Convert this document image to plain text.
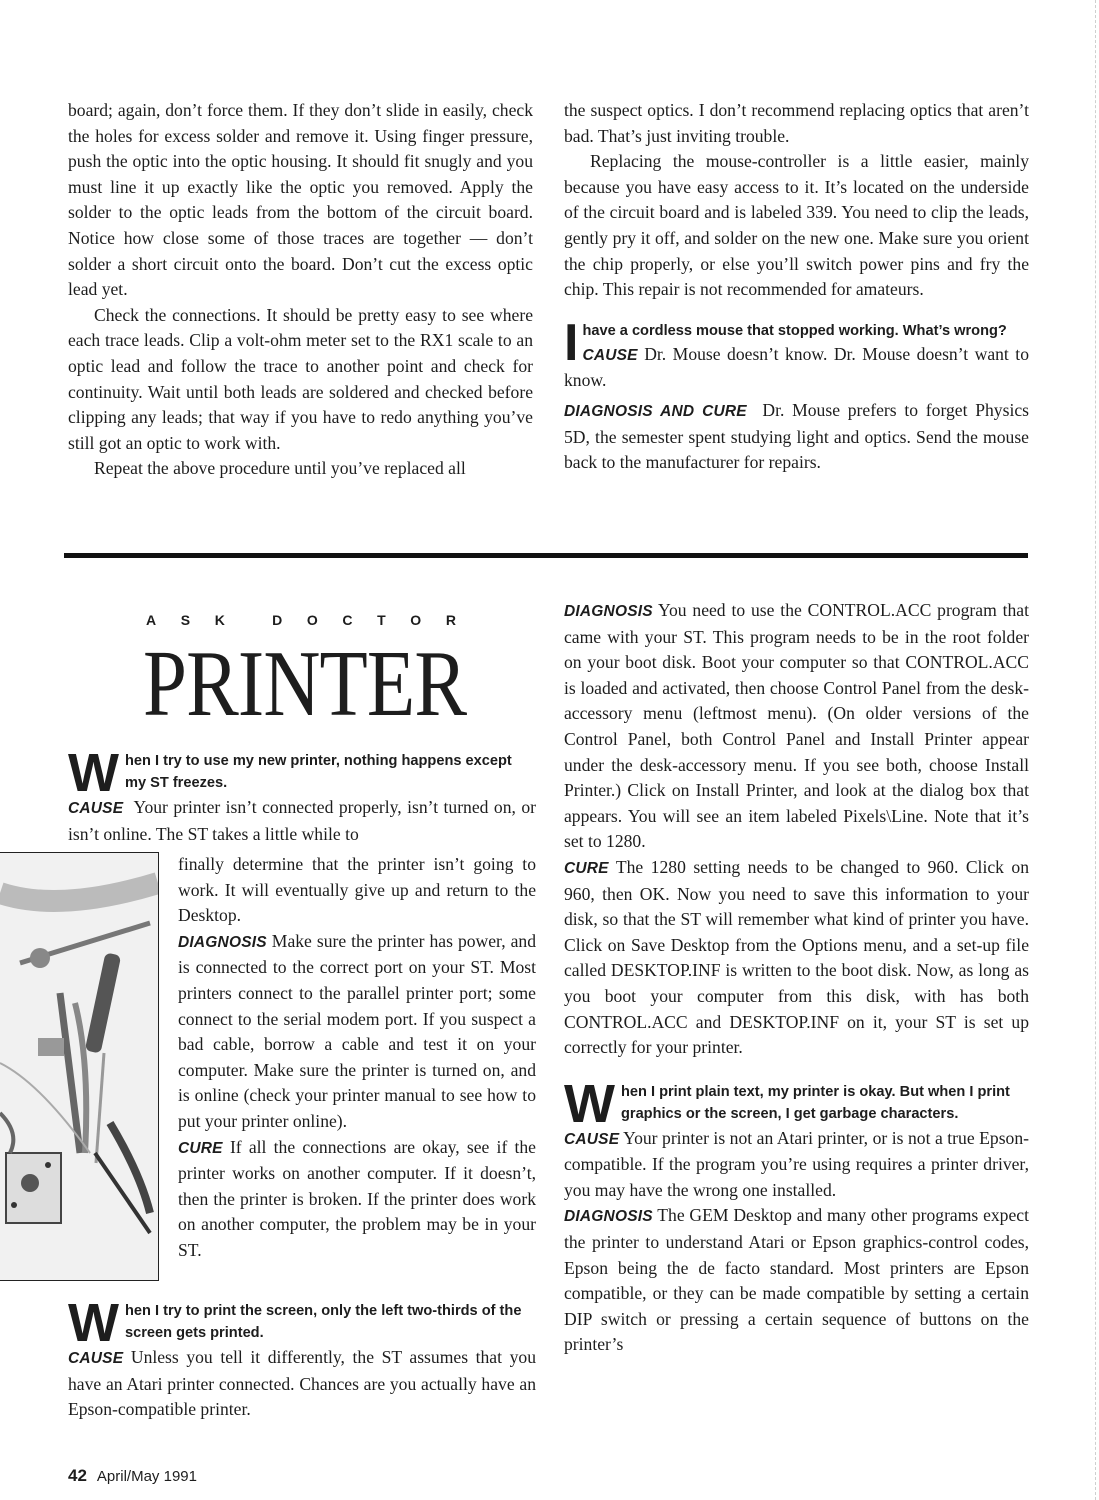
board; again, don’t force them. If they don’t slide in easily, check the holes for excess solder and remove it. Using finger pressure, push the optic into the optic housing. It should fit snugly and you must line it up exactly like the optic you removed. Apply the solder to the optic leads from the bottom of the circuit board. Notice how close some of those traces are together — don’t solder a short circuit onto the board. Don’t cut the excess optic lead yet.

Check the connections. It should be pretty easy to see where each trace leads. Clip a volt-ohm meter set to the RX1 scale to an optic lead and follow the trace to another point and check for continuity. Wait until both leads are soldered and checked before clipping any leads; that way if you have to redo anything you’ve still got an optic to work with.

Repeat the above procedure until you’ve replaced all

the suspect optics. I don’t recommend replacing optics that aren’t bad. That’s just inviting trouble.

Replacing the mouse-controller is a little easier, mainly because you have easy access to it. It’s located on the underside of the circuit board and is labeled 339. You need to clip the leads, gently pry it off, and solder on the new one. Make sure you orient the chip properly, or else you’ll switch power pins and fry the chip. This repair is not recommended for amateurs.

I have a cordless mouse that stopped working. What’s wrong?

CAUSE Dr. Mouse doesn’t know. Dr. Mouse doesn’t want to know.

DIAGNOSIS AND CURE Dr. Mouse prefers to forget Physics 5D, the semester spent studying light and optics. Send the mouse back to the manufacturer for repairs.

A S K	D O C T O R
PRINTER
W hen I try to use my new printer, nothing happens except my ST freezes.

CAUSE Your printer isn’t connected properly, isn’t turned on, or isn’t online. The ST takes a little while to

finally determine that the printer isn’t going to work. It will eventually give up and return to the Desktop.

DIAGNOSIS Make sure the printer has power, and is connected to the correct port on your ST. Most printers connect to the parallel printer port; some connect to the serial modem port. If you suspect a bad cable, borrow a cable and test it on your computer. Make sure the printer is turned on, and is online (check your printer manual to see how to put your printer online).

CURE If all the connections are okay, see if the printer works on another computer. If it doesn’t, then the printer is broken. If the printer does work on another computer, the problem may be in your ST.

W hen I try to print the screen, only the left two-thirds of the screen gets printed.

CAUSE Unless you tell it differently, the ST assumes that you have an Atari printer connected. Chances are you actually have an Epson-compatible printer.

DIAGNOSIS You need to use the CONTROL.ACC program that came with your ST. This program needs to be in the root folder on your boot disk. Boot your computer so that CONTROL.ACC is loaded and activated, then choose Control Panel from the desk-accessory menu (leftmost menu). (On older versions of the Control Panel, both Control Panel and Install Printer appear under the desk-accessory menu. If you see both, choose Install Printer.) Click on Install Printer, and look at the dialog box that appears. You will see an item labeled Pixels\Line. Note that it’s set to 1280.

CURE The 1280 setting needs to be changed to 960. Click on 960, then OK. Now you need to save this information to your disk, so that the ST will remember what kind of printer you have. Click on Save Desktop from the Options menu, and a set-up file called DESKTOP.INF is written to the boot disk. Now, as long as you boot your computer from this disk, with has both CONTROL.ACC and DESKTOP.INF on it, your ST is set up correctly for your printer.

W hen I print plain text, my printer is okay. But when I print graphics or the screen, I get garbage characters.

CAUSE Your printer is not an Atari printer, or is not a true Epson-compatible. If the program you’re using requires a printer driver, you may have the wrong one installed.

DIAGNOSIS The GEM Desktop and many other programs expect the printer to understand Atari or Epson graphics-control codes, Epson being the de facto standard. Most printers are Epson compatible, or they can be made compatible by setting a certain DIP switch or pressing a certain sequence of buttons on the printer’s

42 April/May 1991
